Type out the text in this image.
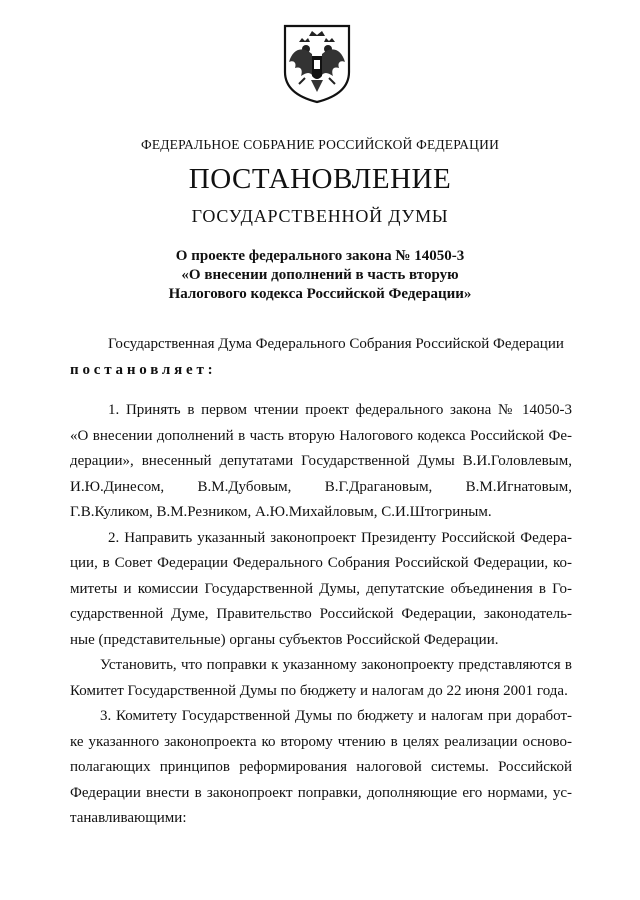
ФЕДЕРАЛЬНОЕ СОБРАНИЕ РОССИЙСКОЙ ФЕДЕРАЦИИ
ПОСТАНОВЛЕНИЕ
ГОСУДАРСТВЕННОЙ ДУМЫ
О проекте федерального закона № 14050-3
«О внесении дополнений в часть вторую
Налогового кодекса Российской Федерации»
Государственная Дума Федерального Собрания Российской Федерации
постановляет:
1. Принять в первом чтении проект федерального закона № 14050-3
«О внесении дополнений в часть вторую Налогового кодекса Российской Фе-
дерации», внесенный депутатами Государственной Думы В.И.Головлевым,
И.Ю.Динесом, В.М.Дубовым, В.Г.Драгановым, В.М.Игнатовым,
Г.В.Куликом, В.М.Резником, А.Ю.Михайловым, С.И.Штогриным.
2. Направить указанный законопроект Президенту Российской Федера-
ции, в Совет Федерации Федерального Собрания Российской Федерации, ко-
митеты и комиссии Государственной Думы, депутатские объединения в Го-
сударственной Думе, Правительство Российской Федерации, законодатель-
ные (представительные) органы субъектов Российской Федерации.
Установить, что поправки к указанному законопроекту представляются в
Комитет Государственной Думы по бюджету и налогам до 22 июня 2001 года.
3. Комитету Государственной Думы по бюджету и налогам при доработ-
ке указанного законопроекта ко второму чтению в целях реализации осново-
полагающих принципов реформирования налоговой системы. Российской
Федерации внести в законопроект поправки, дополняющие его нормами, ус-
танавливающими:
